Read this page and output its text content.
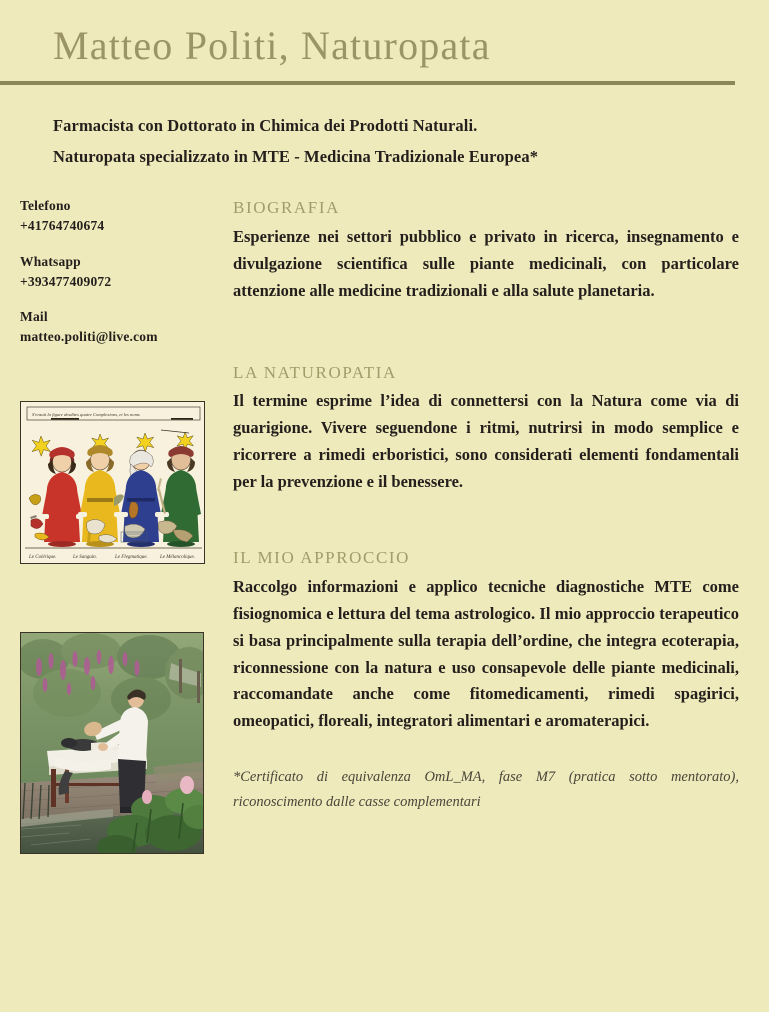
Matteo Politi, Naturopata
Farmacista con Dottorato in Chimica dei Prodotti Naturali.
Naturopata specializzato in MTE - Medicina Tradizionale Europea*
Telefono
+41764740674
Whatsapp
+393477409072
Mail
matteo.politi@live.com
S'ensuit la figure desdites quatre Complexions, et les noms
Le Colérique.	Le Sanguin.	Le Flegmatique. Le Mélancolique.
BIOGRAFIA

Esperienze nei settori pubblico e privato in ricerca, insegnamento e divulgazione scientifica sulle piante medicinali, con particolare attenzione alle medicine tradizionali e alla salute planetaria.

LA NATUROPATIA

Il termine esprime l’idea di connettersi con la Natura come via di guarigione. Vivere seguendone i ritmi, nutrirsi in modo semplice e ricorrere a rimedi erboristici, sono considerati elementi fondamentali per la prevenzione e il benessere.

IL MIO APPROCCIO

Raccolgo informazioni e applico tecniche diagnostiche MTE come fisiognomica e lettura del tema astrologico. Il mio approccio terapeutico si basa principalmente sulla terapia dell’ordine, che integra ecoterapia, riconnessione con la natura e uso consapevole delle piante medicinali, raccomandate anche come fitomedicamenti, rimedi spagirici, omeopatici, floreali, integratori alimentari e aromaterapici.

*Certificato di equivalenza OmL_MA, fase M7 (pratica sotto mentorato), riconoscimento dalle casse complementari
